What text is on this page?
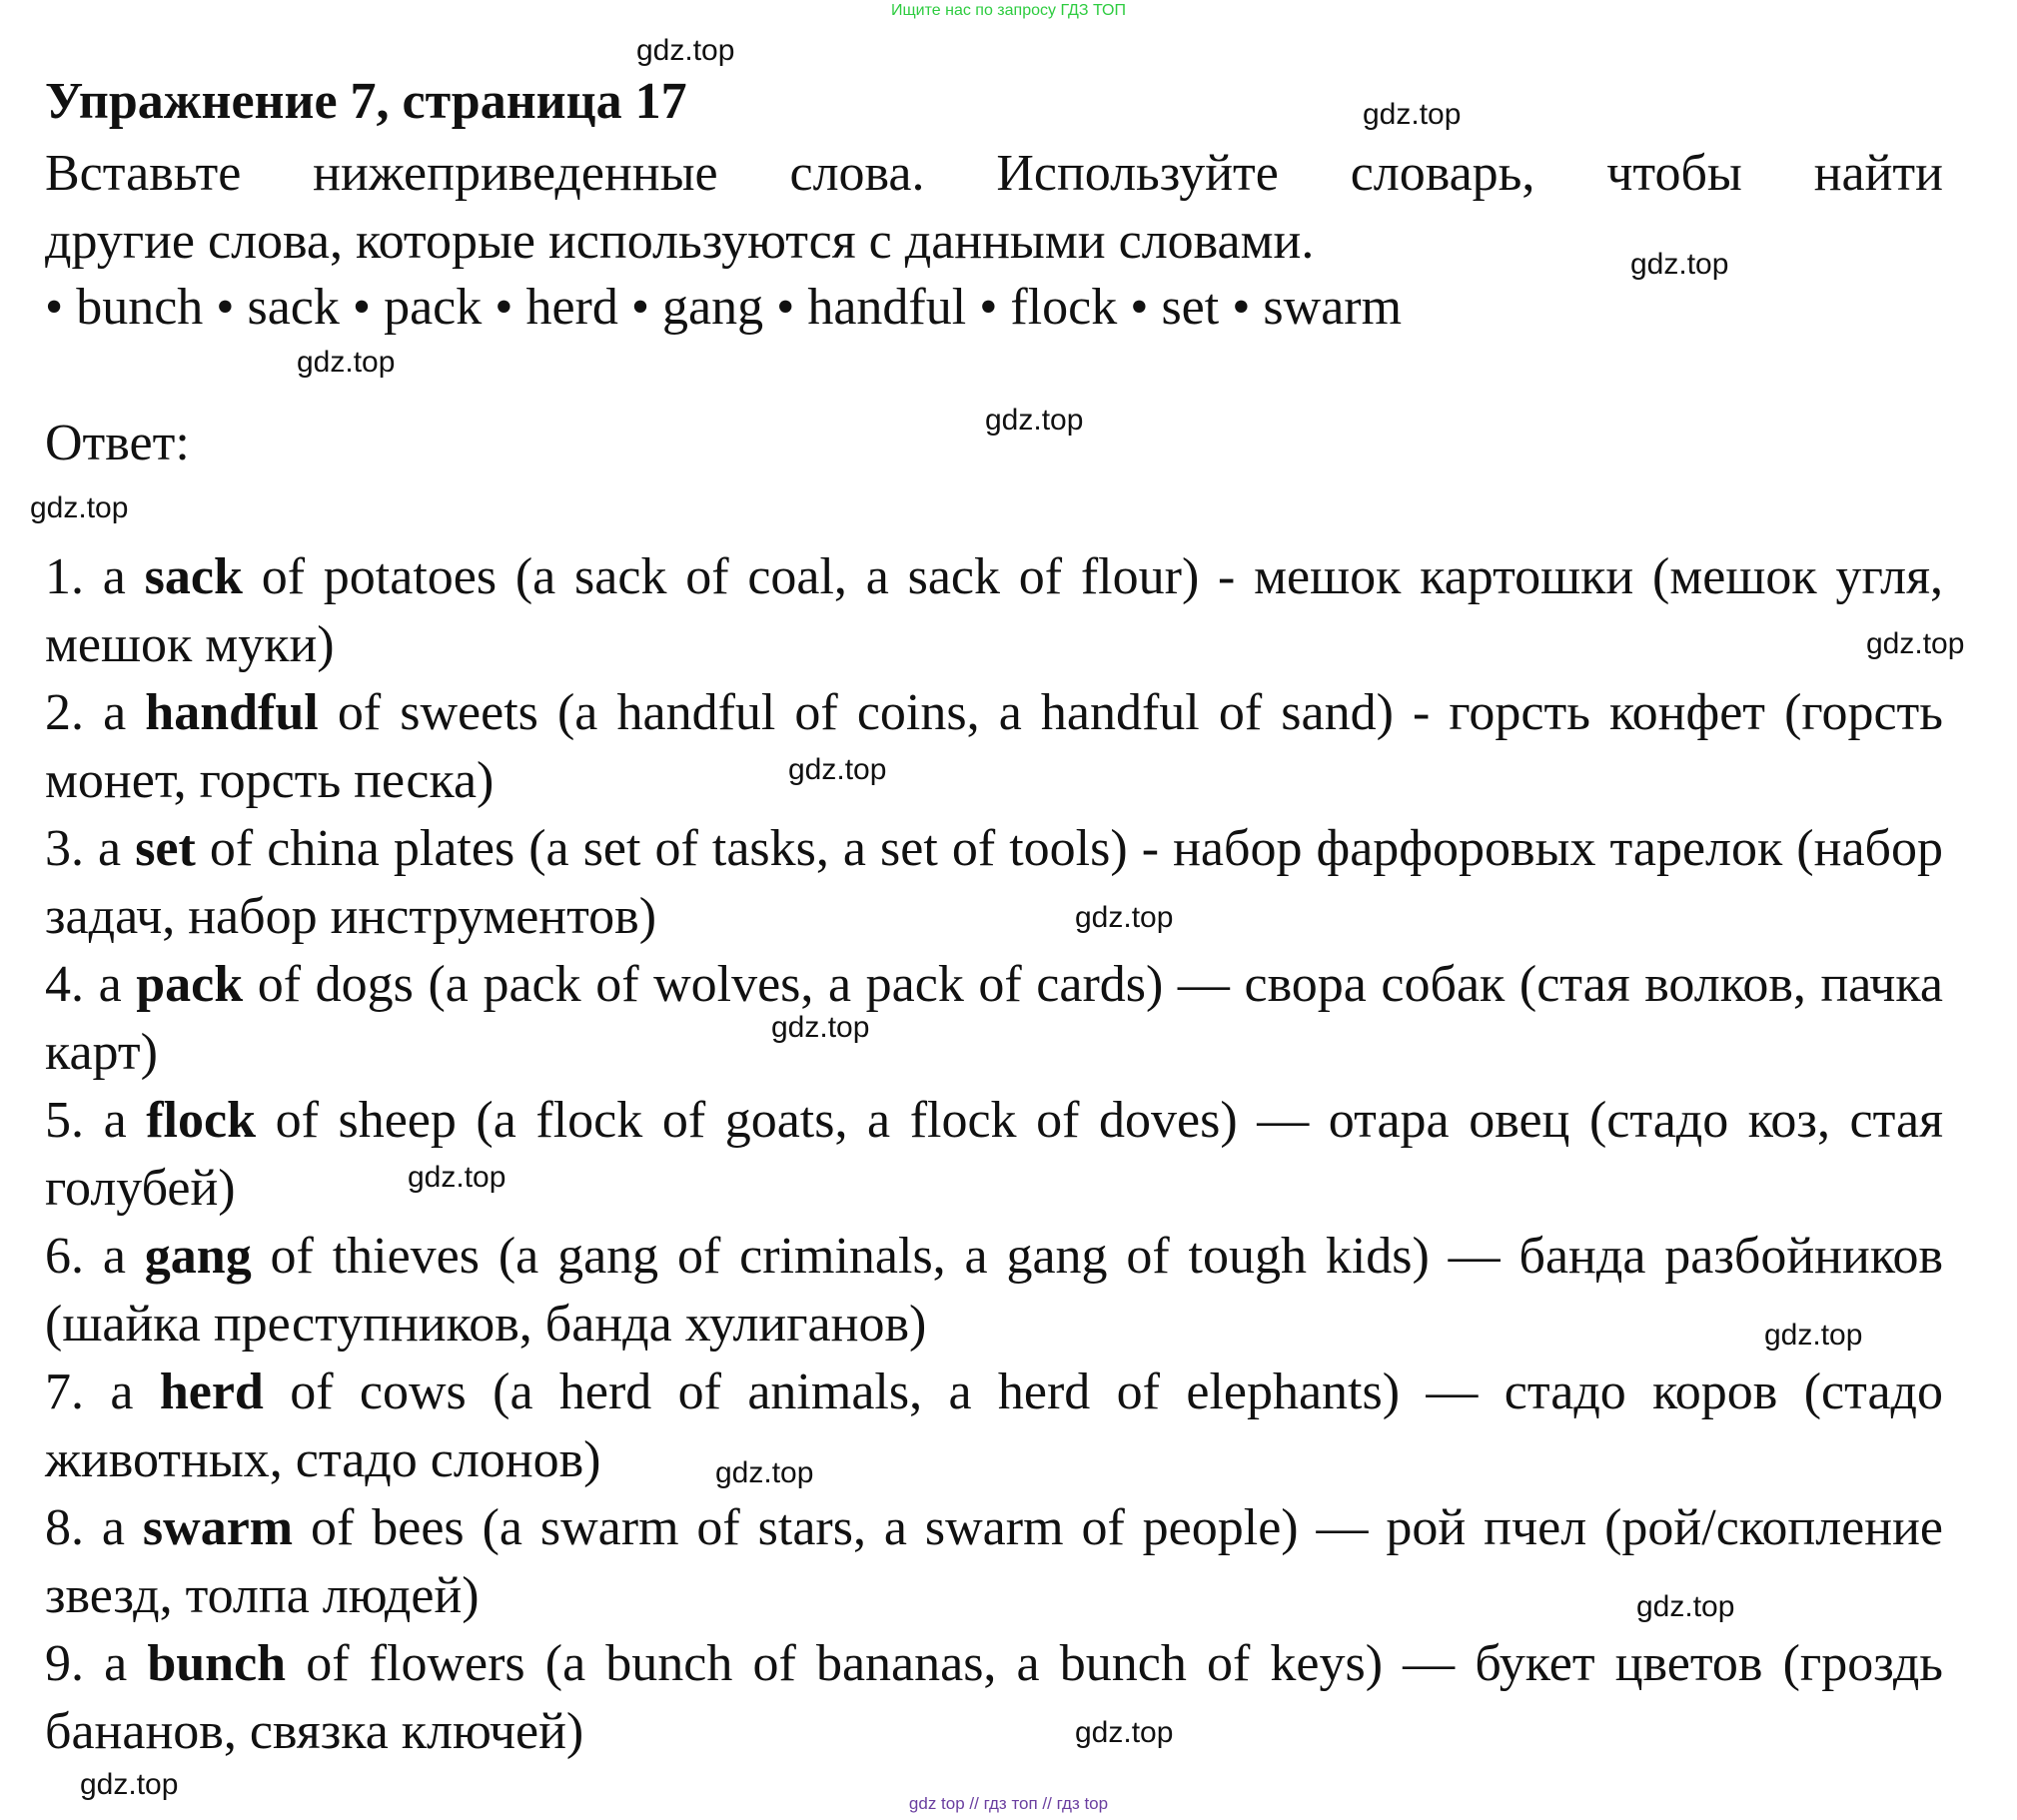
Ищите нас по запросу ГДЗ ТОП
Упражнение 7, страница 17
Вставьте нижеприведенные слова. Используйте словарь, чтобы найти
другие слова, которые используются с данными словами.
• bunch • sack • pack • herd • gang • handful • flock • set • swarm
Ответ:

1. a sack of potatoes (a sack of coal, a sack of flour) - мешок картошки (мешок угля, мешок муки)

2. a handful of sweets (a handful of coins, a handful of sand) - горсть конфет (горсть монет, горсть песка)

3. a set of china plates (a set of tasks, a set of tools) - набор фарфоровых тарелок (набор задач, набор инструментов)

4. a pack of dogs (a pack of wolves, a pack of cards) — свора собак (стая волков, пачка карт)

5. a flock of sheep (a flock of goats, a flock of doves) — отара овец (стадо коз, стая голубей)

6. a gang of thieves (a gang of criminals, a gang of tough kids) — банда разбойников (шайка преступников, банда хулиганов)

7. a herd of cows (a herd of animals, a herd of elephants) — стадо коров (стадо животных, стадо слонов)

8. a swarm of bees (a swarm of stars, a swarm of people) — рой пчел (рой/скопление звезд, толпа людей)

9. a bunch of flowers (a bunch of bananas, a bunch of keys) — букет цветов (гроздь бананов, связка ключей)

gdz.top
gdz.top
gdz.top
gdz.top
gdz.top
gdz.top
gdz.top
gdz.top
gdz.top
gdz.top
gdz.top
gdz.top
gdz.top
gdz.top
gdz.top
gdz.top
gdz top // гдз топ // гдз top
